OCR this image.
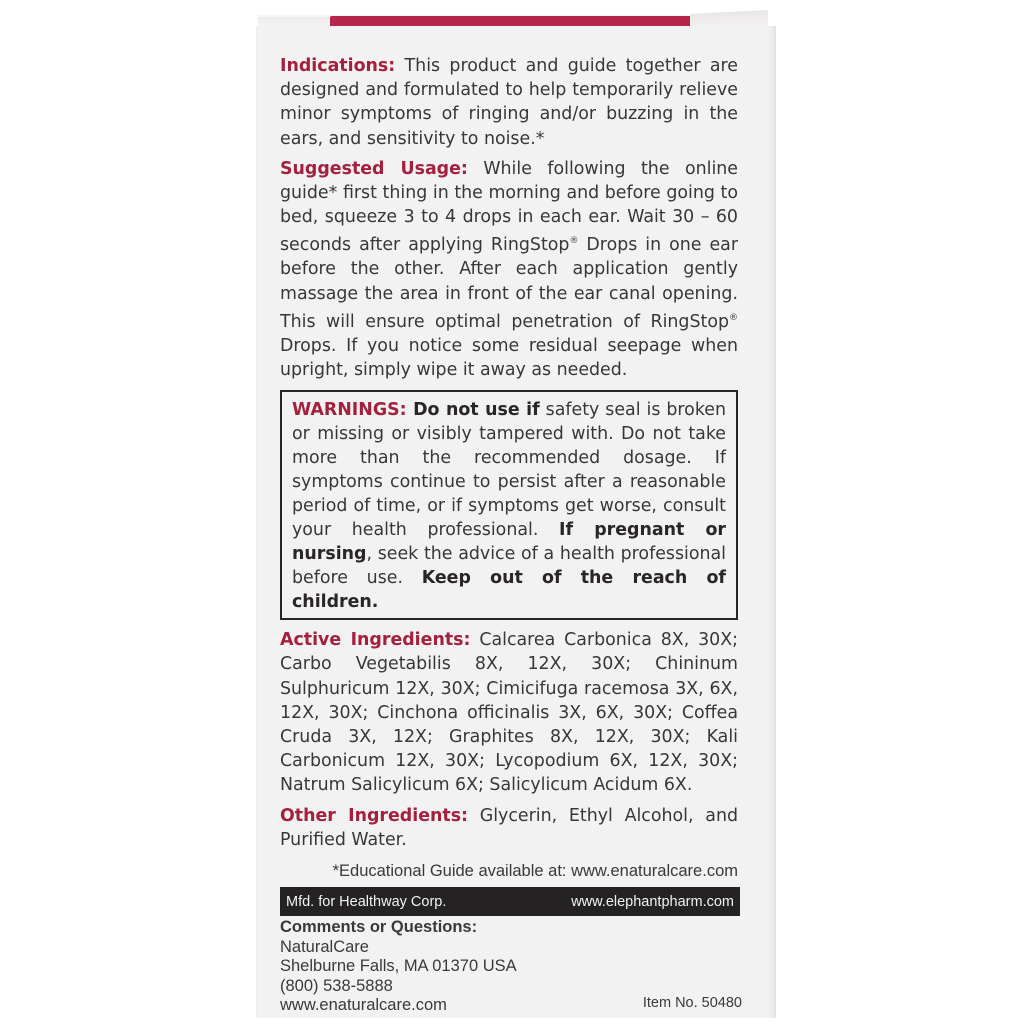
Indications: This product and guide together are designed and formulated to help temporarily relieve minor symptoms of ringing and/or buzzing in the ears, and sensitivity to noise.*

Suggested Usage: While following the online guide* first thing in the morning and before going to bed, squeeze 3 to 4 drops in each ear. Wait 30 – 60 seconds after applying RingStop® Drops in one ear before the other. After each application gently massage the area in front of the ear canal opening. This will ensure optimal penetration of RingStop® Drops. If you notice some residual seepage when upright, simply wipe it away as needed.

WARNINGS: Do not use if safety seal is broken or missing or visibly tampered with. Do not take more than the recommended dosage. If symptoms continue to persist after a reasonable period of time, or if symptoms get worse, consult your health professional. If pregnant or nursing, seek the advice of a health professional before use. Keep out of the reach of children.

Active Ingredients: Calcarea Carbonica 8X, 30X; Carbo Vegetabilis 8X, 12X, 30X; Chininum Sulphuricum 12X, 30X; Cimicifuga racemosa 3X, 6X, 12X, 30X; Cinchona officinalis 3X, 6X, 30X; Coffea Cruda 3X, 12X; Graphites 8X, 12X, 30X; Kali Carbonicum 12X, 30X; Lycopodium 6X, 12X, 30X; Natrum Salicylicum 6X; Salicylicum Acidum 6X.

Other Ingredients: Glycerin, Ethyl Alcohol, and Purified Water.

*Educational Guide available at: www.enaturalcare.com
Mfd. for Healthway Corp.	www.elephantpharm.com
Comments or Questions:
NaturalCare
Shelburne Falls, MA 01370 USA
(800) 538-5888
www.enaturalcare.com	Item No. 50480
